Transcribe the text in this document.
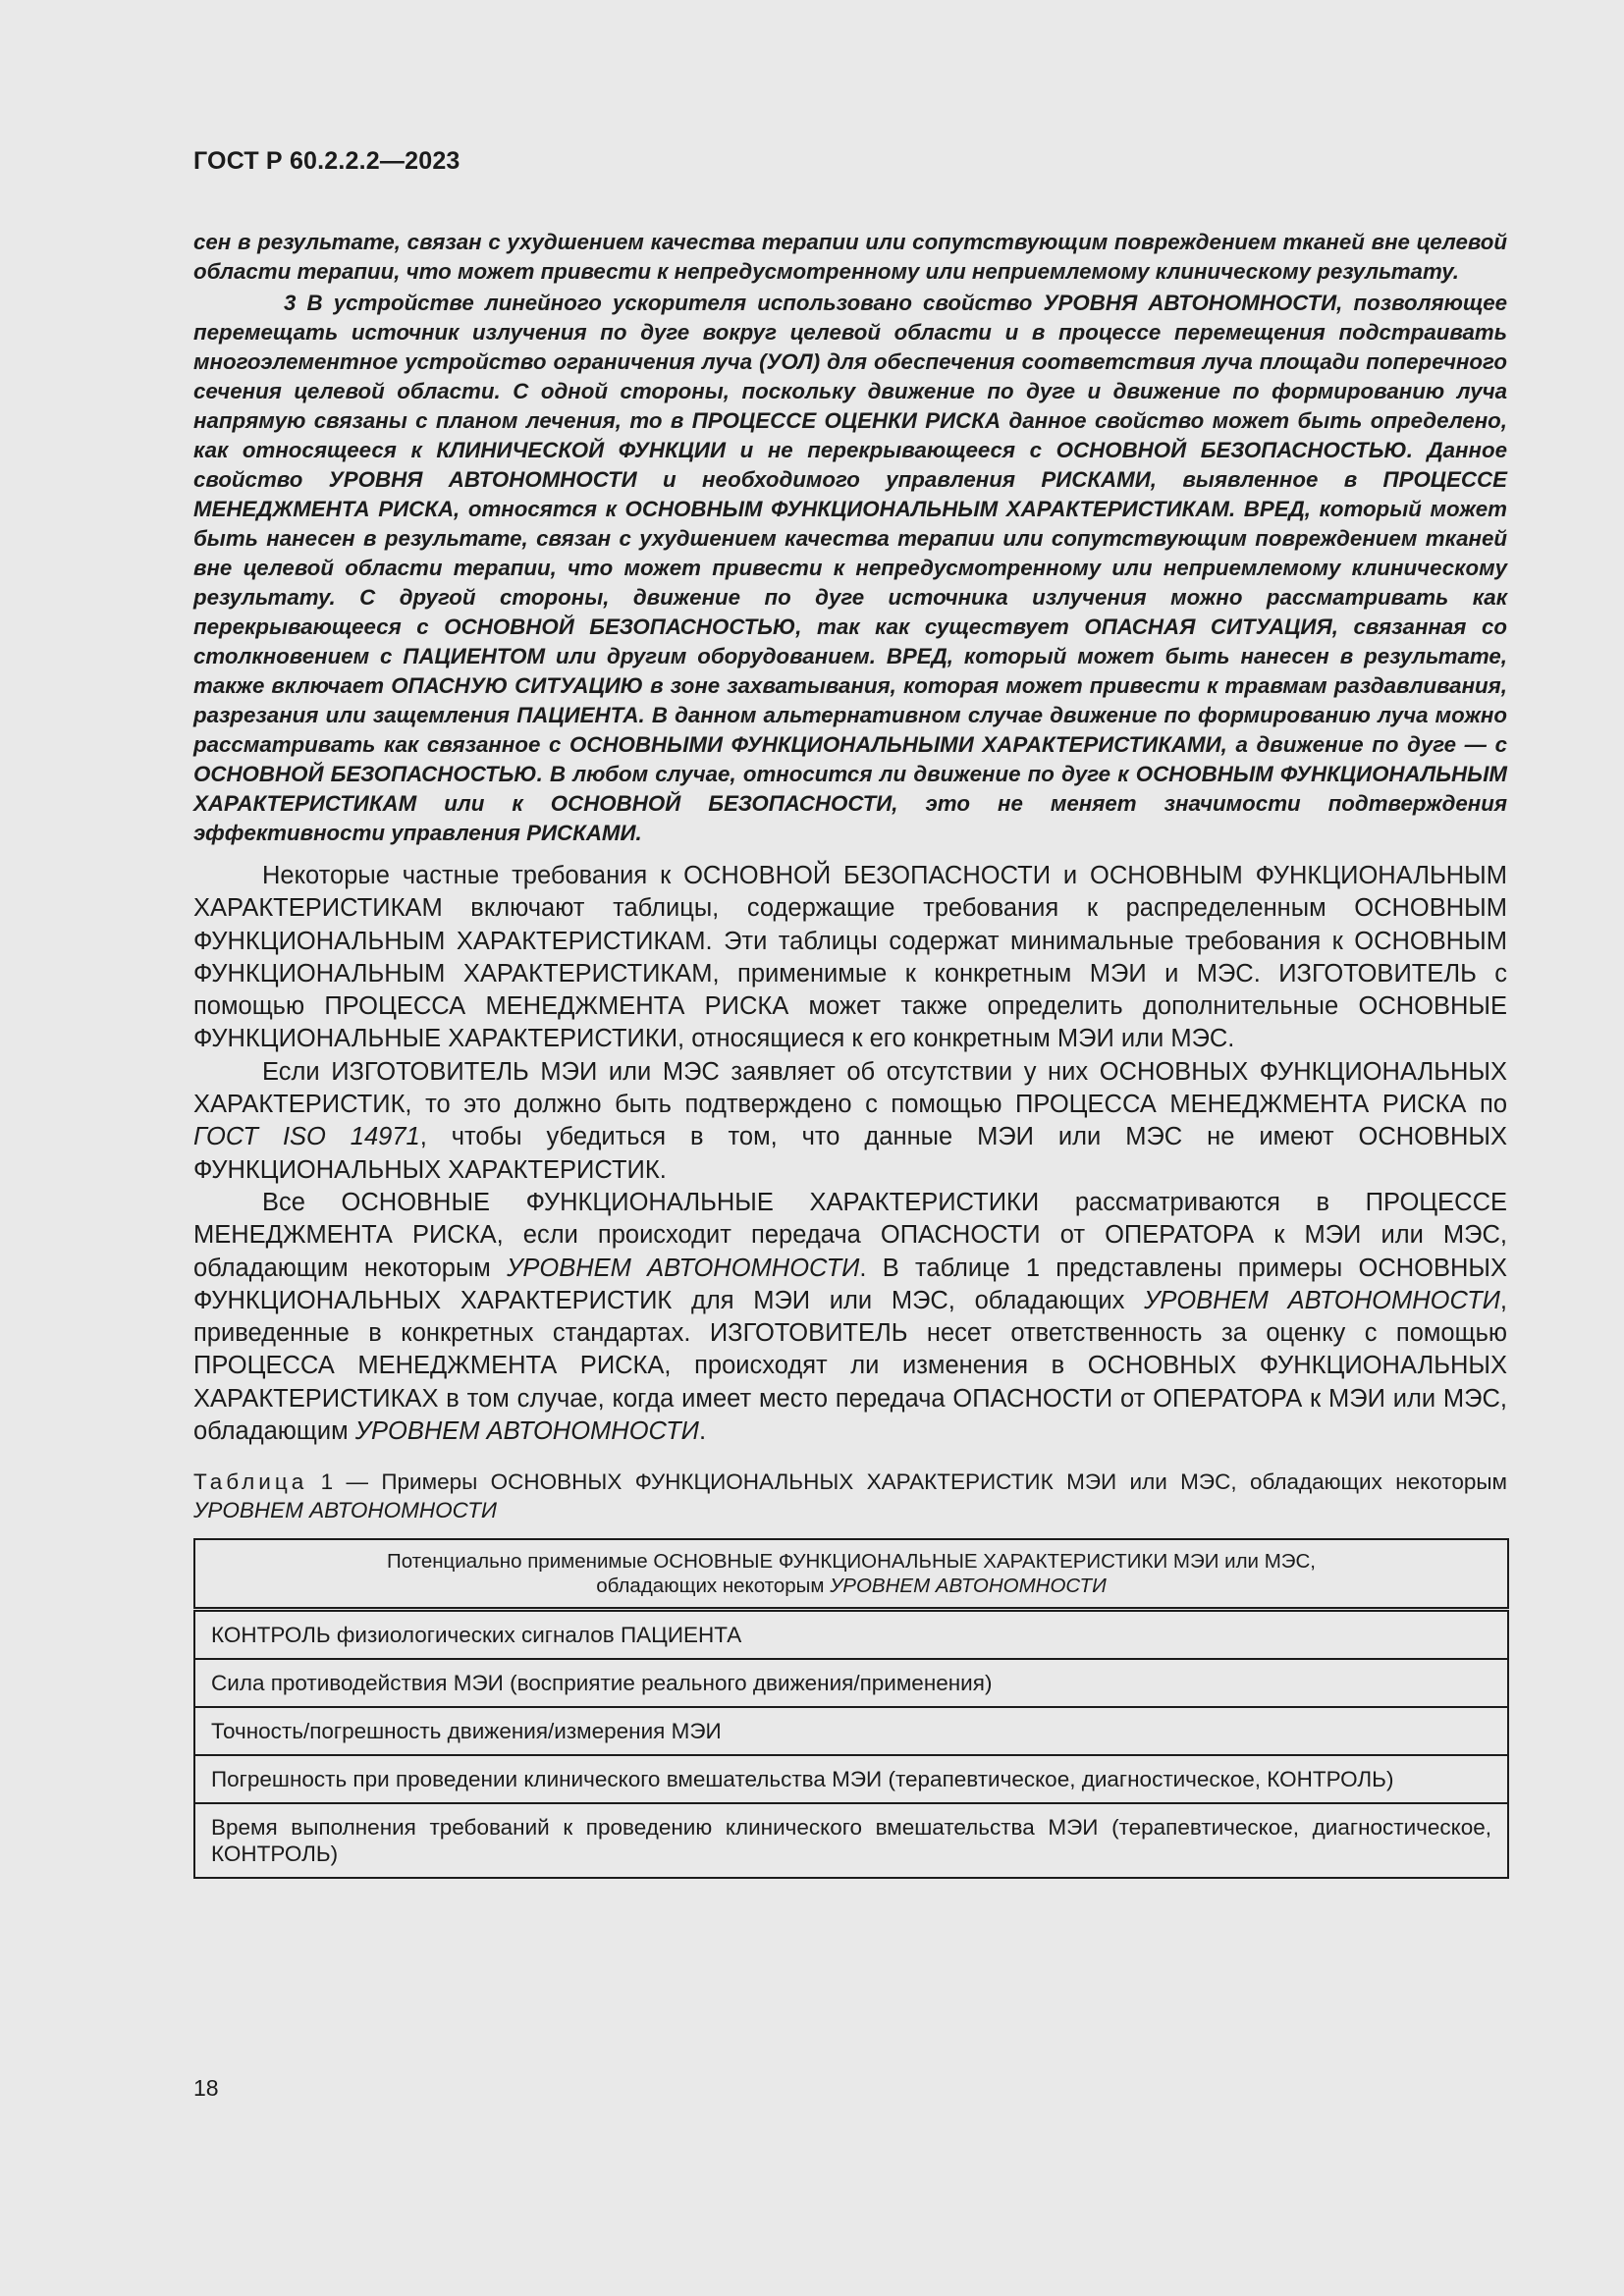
ГОСТ Р 60.2.2.2—2023

сен в результате, связан с ухудшением качества терапии или сопутствующим повреждением тканей вне целевой области терапии, что может привести к непредусмотренному или неприемлемому клиническому результату.

3 В устройстве линейного ускорителя использовано свойство УРОВНЯ АВТОНОМНОСТИ, позволяющее перемещать источник излучения по дуге вокруг целевой области и в процессе перемещения подстраивать многоэлементное устройство ограничения луча (УОЛ) для обеспечения соответствия луча площади поперечного сечения целевой области. С одной стороны, поскольку движение по дуге и движение по формированию луча напрямую связаны с планом лечения, то в ПРОЦЕССЕ ОЦЕНКИ РИСКА данное свойство может быть определено, как относящееся к КЛИНИЧЕСКОЙ ФУНКЦИИ и не перекрывающееся с ОСНОВНОЙ БЕЗОПАСНОСТЬЮ. Данное свойство УРОВНЯ АВТОНОМНОСТИ и необходимого управления РИСКАМИ, выявленное в ПРОЦЕССЕ МЕНЕДЖМЕНТА РИСКА, относятся к ОСНОВНЫМ ФУНКЦИОНАЛЬНЫМ ХАРАКТЕРИСТИКАМ. ВРЕД, который может быть нанесен в результате, связан с ухудшением качества терапии или сопутствующим повреждением тканей вне целевой области терапии, что может привести к непредусмотренному или неприемлемому клиническому результату. С другой стороны, движение по дуге источника излучения можно рассматривать как перекрывающееся с ОСНОВНОЙ БЕЗОПАСНОСТЬЮ, так как существует ОПАСНАЯ СИТУАЦИЯ, связанная со столкновением с ПАЦИЕНТОМ или другим оборудованием. ВРЕД, который может быть нанесен в результате, также включает ОПАСНУЮ СИТУАЦИЮ в зоне захватывания, которая может привести к травмам раздавливания, разрезания или защемления ПАЦИЕНТА. В данном альтернативном случае движение по формированию луча можно рассматривать как связанное с ОСНОВНЫМИ ФУНКЦИОНАЛЬНЫМИ ХАРАКТЕРИСТИКАМИ, а движение по дуге — с ОСНОВНОЙ БЕЗОПАСНОСТЬЮ. В любом случае, относится ли движение по дуге к ОСНОВНЫМ ФУНКЦИОНАЛЬНЫМ ХАРАКТЕРИСТИКАМ или к ОСНОВНОЙ БЕЗОПАСНОСТИ, это не меняет значимости подтверждения эффективности управления РИСКАМИ.

Некоторые частные требования к ОСНОВНОЙ БЕЗОПАСНОСТИ и ОСНОВНЫМ ФУНКЦИОНАЛЬНЫМ ХАРАКТЕРИСТИКАМ включают таблицы, содержащие требования к распределенным ОСНОВНЫМ ФУНКЦИОНАЛЬНЫМ ХАРАКТЕРИСТИКАМ. Эти таблицы содержат минимальные требования к ОСНОВНЫМ ФУНКЦИОНАЛЬНЫМ ХАРАКТЕРИСТИКАМ, применимые к конкретным МЭИ и МЭС. ИЗГОТОВИТЕЛЬ с помощью ПРОЦЕССА МЕНЕДЖМЕНТА РИСКА может также определить дополнительные ОСНОВНЫЕ ФУНКЦИОНАЛЬНЫЕ ХАРАКТЕРИСТИКИ, относящиеся к его конкретным МЭИ или МЭС.

Если ИЗГОТОВИТЕЛЬ МЭИ или МЭС заявляет об отсутствии у них ОСНОВНЫХ ФУНКЦИОНАЛЬНЫХ ХАРАКТЕРИСТИК, то это должно быть подтверждено с помощью ПРОЦЕССА МЕНЕДЖМЕНТА РИСКА по ГОСТ ISO 14971, чтобы убедиться в том, что данные МЭИ или МЭС не имеют ОСНОВНЫХ ФУНКЦИОНАЛЬНЫХ ХАРАКТЕРИСТИК.

Все ОСНОВНЫЕ ФУНКЦИОНАЛЬНЫЕ ХАРАКТЕРИСТИКИ рассматриваются в ПРОЦЕССЕ МЕНЕДЖМЕНТА РИСКА, если происходит передача ОПАСНОСТИ от ОПЕРАТОРА к МЭИ или МЭС, обладающим некоторым УРОВНЕМ АВТОНОМНОСТИ. В таблице 1 представлены примеры ОСНОВНЫХ ФУНКЦИОНАЛЬНЫХ ХАРАКТЕРИСТИК для МЭИ или МЭС, обладающих УРОВНЕМ АВТОНОМНОСТИ, приведенные в конкретных стандартах. ИЗГОТОВИТЕЛЬ несет ответственность за оценку с помощью ПРОЦЕССА МЕНЕДЖМЕНТА РИСКА, происходят ли изменения в ОСНОВНЫХ ФУНКЦИОНАЛЬНЫХ ХАРАКТЕРИСТИКАХ в том случае, когда имеет место передача ОПАСНОСТИ от ОПЕРАТОРА к МЭИ или МЭС, обладающим УРОВНЕМ АВТОНОМНОСТИ.

Таблица 1 — Примеры ОСНОВНЫХ ФУНКЦИОНАЛЬНЫХ ХАРАКТЕРИСТИК МЭИ или МЭС, обладающих некоторым УРОВНЕМ АВТОНОМНОСТИ

Потенциально применимые ОСНОВНЫЕ ФУНКЦИОНАЛЬНЫЕ ХАРАКТЕРИСТИКИ МЭИ или МЭС,
обладающих некоторым УРОВНЕМ АВТОНОМНОСТИ
КОНТРОЛЬ физиологических сигналов ПАЦИЕНТА
Сила противодействия МЭИ (восприятие реального движения/применения)
Точность/погрешность движения/измерения МЭИ
Погрешность при проведении клинического вмешательства МЭИ (терапевтическое, диагностическое, КОНТРОЛЬ)
Время выполнения требований к проведению клинического вмешательства МЭИ (терапевтическое, диагностическое, КОНТРОЛЬ)
18
